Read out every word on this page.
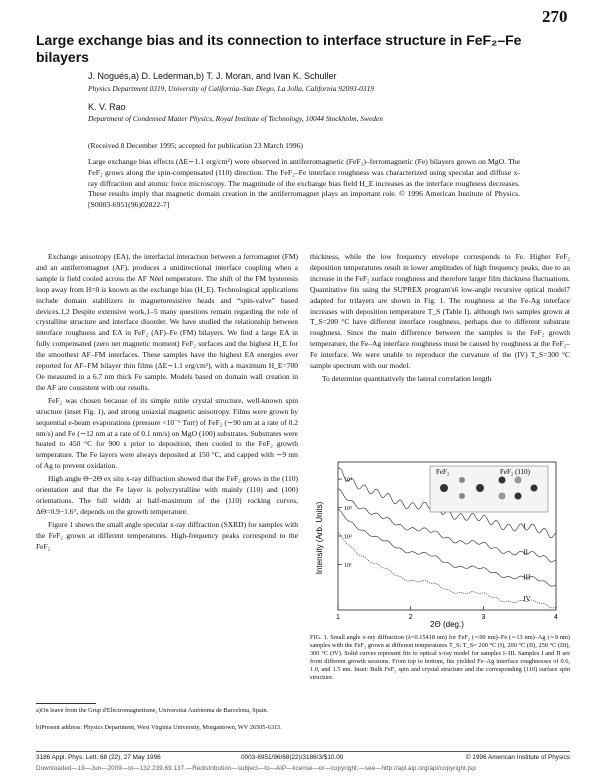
270
Large exchange bias and its connection to interface structure in FeF₂–Fe bilayers
J. Nogués,a) D. Lederman,b) T. J. Moran, and Ivan K. Schuller
Physics Department 0319, University of California–San Diego, La Jolla, California 92093-0319
K. V. Rao
Department of Condensed Matter Physics, Royal Institute of Technology, 10044 Stockholm, Sweden
(Received 8 December 1995; accepted for publication 23 March 1996)
Large exchange bias effects (ΔE∼1.1 erg/cm²) were observed in antiferromagnetic (FeF₂)–ferromagnetic (Fe) bilayers grown on MgO. The FeF₂ grows along the spin-compensated (110) direction. The FeF₂–Fe interface roughness was characterized using specular and diffuse x-ray diffraction and atomic force microscopy. The magnitude of the exchange bias field H_E increases as the interface roughness decreases. These results imply that magnetic domain creation in the antiferromagnet plays an important role. © 1996 American Institute of Physics. [S0003-6951(96)02822-7]

Exchange anisotropy (EA), the interfacial interaction between a ferromagnet (FM) and an antiferromagnet (AF), produces a unidirectional interface coupling when a sample is field cooled across the AF Néel temperature. The shift of the FM hysteresis loop away from H=0 is known as the exchange bias (H_E). Technological applications include domain stabilizers in magnetoresistive heads and “spin-valve” based devices.1,2 Despite extensive work,1–5 many questions remain regarding the role of crystalline structure and interface disorder. We have studied the relationship between interface roughness and EA in FeF₂ (AF)–Fe (FM) bilayers. We find a large EA in fully compensated (zero net magnetic moment) FeF₂ surfaces and the highest H_E for the smoothest AF–FM interfaces. These samples have the highest EA energies ever reported for AF–FM bilayer thin films (ΔE∼1.1 erg/cm²), with a maximum H_E=700 Oe measured in a 6.7 nm thick Fe sample. Models based on domain wall creation in the AF are consistent with our results.

FeF₂ was chosen because of its simple rutile crystal structure, well-known spin structure (inset Fig. 1), and strong uniaxial magnetic anisotropy. Films were grown by sequential e-beam evaporations (pressure <10⁻⁶ Torr) of FeF₂ (∼90 nm at a rate of 0.2 nm/s) and Fe (∼12 nm at a rate of 0.1 nm/s) on MgO (100) substrates. Substrates were heated to 450 °C for 900 s prior to deposition, then cooled to the FeF₂ growth temperature. The Fe layers were always deposited at 150 °C, and capped with ∼9 nm of Ag to prevent oxidation.

High angle Θ−2Θ ex situ x-ray diffraction showed that the FeF₂ grows in the (110) orientation and that the Fe layer is polycrystalline with mainly (110) and (100) orientations. The full width at half-maximum of the (110) rocking curves, ΔΘ=0.9−1.6°, depends on the growth temperature.

Figure 1 shows the small angle specular x-ray diffraction (SXRD) for samples with the FeF₂ grown at different temperatures. High-frequency peaks correspond to the FeF₂

thickness, while the low frequency envelope corresponds to Fe. Higher FeF₂ deposition temperatures result in lower amplitudes of high frequency peaks, due to an increase in the FeF₂ surface roughness and therefore larger film thickness fluctuations. Quantitative fits using the SUPREX program's6 low-angle recursive optical model7 adapted for trilayers are shown in Fig. 1. The roughness at the Fe-Ag interface increases with deposition temperature T_S (Table I), although two samples grown at T_S=200 °C have different interface roughness, perhaps due to different substrate roughness. Since the main difference between the samples is the FeF₂ growth temperature, the Fe–Ag interface roughness must be caused by roughness at the FeF₂–Fe interface. We were unable to reproduce the curvature of the (IV) T_S=300 °C sample spectrum with our model.

To determine quantitatively the lateral correlation length

1	2	3	4
10⁴
10³
10²
10¹
I
II
III
IV
FeF₂	FeF₂ (110)
Intensity (Arb. Units)
2Θ (deg.)
FIG. 1. Small angle x-ray diffraction (λ=0.15418 nm) for FeF₂ (∼90 nm)–Fe (∼13 nm)–Ag (∼9 nm) samples with the FeF₂ grown at different temperatures T_S: T_S= 200 °C (I), 200 °C (II), 250 °C (III), 300 °C (IV). Solid curves represent fits to optical x-ray model for samples I–III. Samples I and II are from different growth sessions. From top to bottom, fits yielded Fe–Ag interface roughnesses of 0.6, 1.0, and 1.5 nm. Inset: Bulk FeF₂ spin and crystal structure and the corresponding (110) surface spin structure.
a)On leave from the Grup d'Electromagnetisme, Universitat Autònoma de Barcelona, Spain.
b)Present address: Physics Department, West Virginia University, Morgantown, WV 26505-6315.
3186 Appl. Phys. Lett. 68 (22), 27 May 1996	0003-6951/96/68(22)/3186/3/$10.00	© 1996 American Institute of Physics
Downloaded—19—Jun—2009—to—132.239.69.137.—Redistribution—subject—to—AIP—license—or—copyright;—see—http://apl.aip.org/apl/copyright.jsp
